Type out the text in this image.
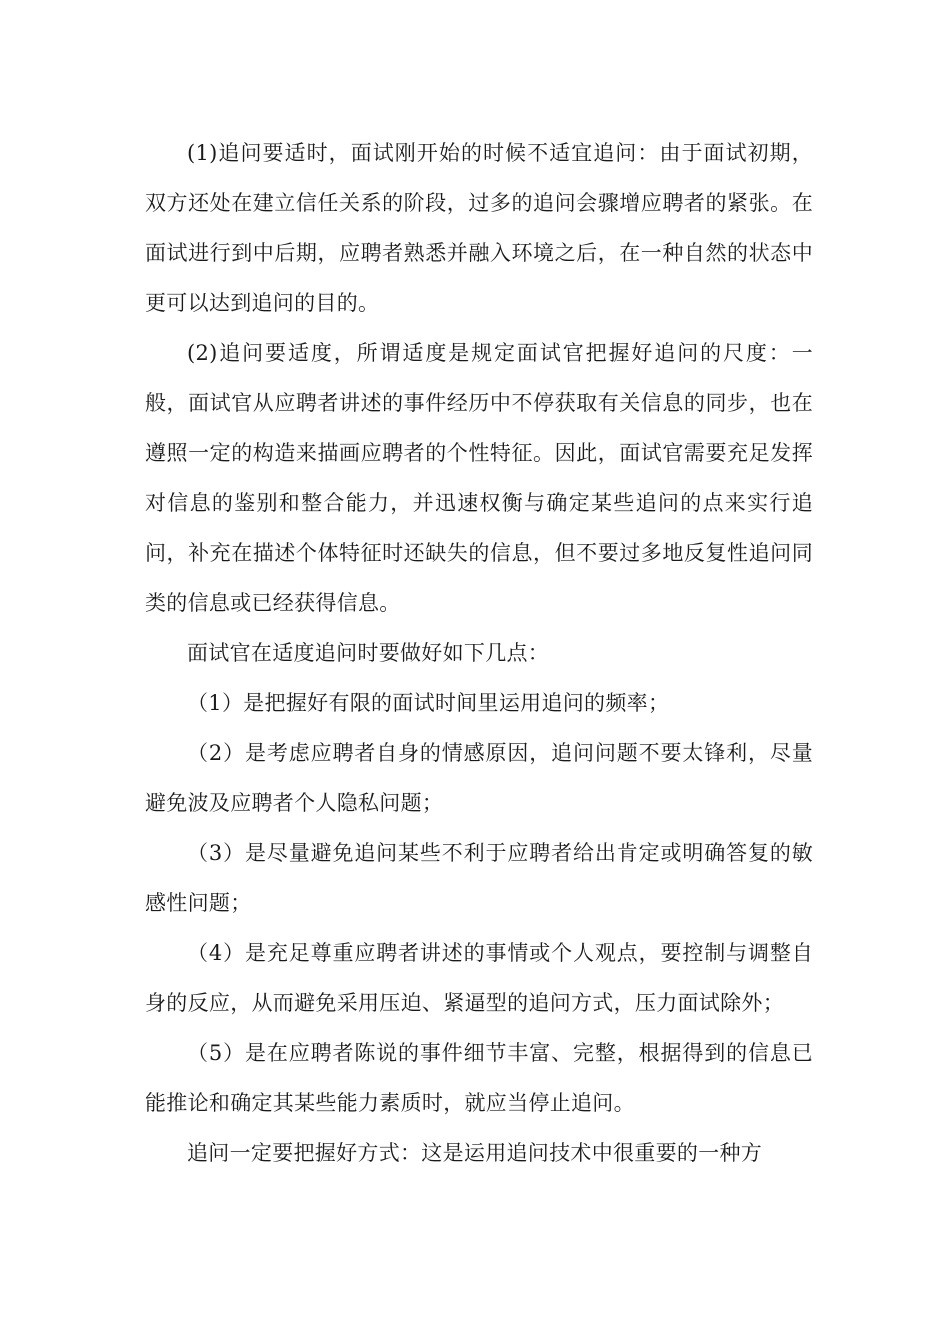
(1)追问要适时，面试刚开始的时候不适宜追问：由于面试初期，双方还处在建立信任关系的阶段，过多的追问会骤增应聘者的紧张。在面试进行到中后期，应聘者熟悉并融入环境之后，在一种自然的状态中更可以达到追问的目的。

(2)追问要适度，所谓适度是规定面试官把握好追问的尺度：一般，面试官从应聘者讲述的事件经历中不停获取有关信息的同步，也在遵照一定的构造来描画应聘者的个性特征。因此，面试官需要充足发挥对信息的鉴别和整合能力，并迅速权衡与确定某些追问的点来实行追问，补充在描述个体特征时还缺失的信息，但不要过多地反复性追问同类的信息或已经获得信息。

面试官在适度追问时要做好如下几点：

（1）是把握好有限的面试时间里运用追问的频率；

（2）是考虑应聘者自身的情感原因，追问问题不要太锋利，尽量避免波及应聘者个人隐私问题；

（3）是尽量避免追问某些不利于应聘者给出肯定或明确答复的敏感性问题；

（4）是充足尊重应聘者讲述的事情或个人观点，要控制与调整自身的反应，从而避免采用压迫、紧逼型的追问方式，压力面试除外；

（5）是在应聘者陈说的事件细节丰富、完整，根据得到的信息已能推论和确定其某些能力素质时，就应当停止追问。

追问一定要把握好方式：这是运用追问技术中很重要的一种方
